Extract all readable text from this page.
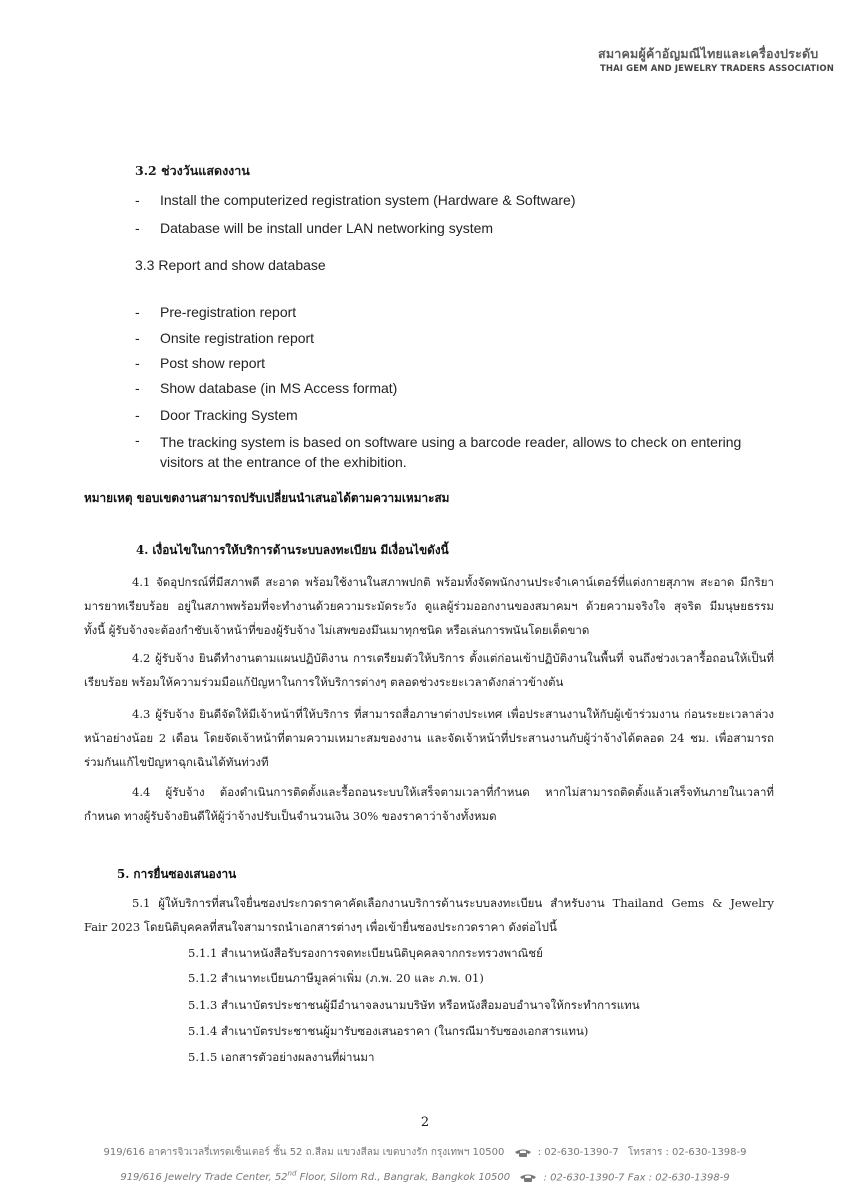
สมาคมผู้ค้าอัญมณีไทยและเครื่องประดับ
THAI GEM AND JEWELRY TRADERS ASSOCIATION
3.2 ช่วงวันแสดงงาน
- Install the computerized registration system (Hardware & Software)
- Database will be install under LAN networking system
3.3 Report and show database
- Pre-registration report
- Onsite registration report
- Post show report
- Show database (in MS Access format)
- Door Tracking System
- The tracking system is based on software using a barcode reader, allows to check on entering visitors at the entrance of the exhibition.
หมายเหตุ ขอบเขตงานสามารถปรับเปลี่ยนนำเสนอได้ตามความเหมาะสม
4. เงื่อนไขในการให้บริการด้านระบบลงทะเบียน มีเงื่อนไขดังนี้
4.1 จัดอุปกรณ์ที่มีสภาพดี สะอาด พร้อมใช้งานในสภาพปกติ พร้อมทั้งจัดพนักงานประจำเคาน์เตอร์ที่แต่งกายสุภาพ สะอาด มีกริยามารยาทเรียบร้อย อยู่ในสภาพพร้อมที่จะทำงานด้วยความระมัดระวัง ดูแลผู้ร่วมออกงานของสมาคมฯ ด้วยความจริงใจ สุจริต มีมนุษยธรรม ทั้งนี้ ผู้รับจ้างจะต้องกำชับเจ้าหน้าที่ของผู้รับจ้าง ไม่เสพของมึนเมาทุกชนิด หรือเล่นการพนันโดยเด็ดขาด
4.2 ผู้รับจ้าง ยินดีทำงานตามแผนปฏิบัติงาน การเตรียมตัวให้บริการ ตั้งแต่ก่อนเข้าปฏิบัติงานในพื้นที่ จนถึงช่วงเวลารื้อถอนให้เป็นที่เรียบร้อย พร้อมให้ความร่วมมือแก้ปัญหาในการให้บริการต่างๆ ตลอดช่วงระยะเวลาดังกล่าวข้างต้น
4.3 ผู้รับจ้าง ยินดีจัดให้มีเจ้าหน้าที่ให้บริการ ที่สามารถสื่อภาษาต่างประเทศ เพื่อประสานงานให้กับผู้เข้าร่วมงาน ก่อนระยะเวลาล่วงหน้าอย่างน้อย 2 เดือน โดยจัดเจ้าหน้าที่ตามความเหมาะสมของงาน และจัดเจ้าหน้าที่ประสานงานกับผู้ว่าจ้างได้ตลอด 24 ชม. เพื่อสามารถร่วมกันแก้ไขปัญหาฉุกเฉินได้ทันท่วงที
4.4 ผู้รับจ้าง ต้องดำเนินการติดตั้งและรื้อถอนระบบให้เสร็จตามเวลาที่กำหนด หากไม่สามารถติดตั้งแล้วเสร็จทันภายในเวลาที่กำหนด ทางผู้รับจ้างยินดีให้ผู้ว่าจ้างปรับเป็นจำนวนเงิน 30% ของราคาว่าจ้างทั้งหมด
5. การยื่นซองเสนองาน
5.1 ผู้ให้บริการที่สนใจยื่นซองประกวดราคาคัดเลือกงานบริการด้านระบบลงทะเบียน สำหรับงาน Thailand Gems & Jewelry Fair 2023 โดยนิติบุคคลที่สนใจสามารถนำเอกสารต่างๆ เพื่อเข้ายื่นซองประกวดราคา ดังต่อไปนี้
5.1.1 สำเนาหนังสือรับรองการจดทะเบียนนิติบุคคลจากกระทรวงพาณิชย์
5.1.2 สำเนาทะเบียนภาษีมูลค่าเพิ่ม (ภ.พ. 20 และ ภ.พ. 01)
5.1.3 สำเนาบัตรประชาชนผู้มีอำนาจลงนามบริษัท หรือหนังสือมอบอำนาจให้กระทำการแทน
5.1.4 สำเนาบัตรประชาชนผู้มารับซองเสนอราคา (ในกรณีมารับซองเอกสารแทน)
5.1.5 เอกสารตัวอย่างผลงานที่ผ่านมา
2
919/616 อาคารจิวเวลรี่เทรดเซ็นเตอร์ ชั้น 52 ถ.สีลม แขวงสีลม เขตบางรัก กรุงเทพฯ 10500	: 02-630-1390-7 โทรสาร : 02-630-1398-9
919/616 Jewelry Trade Center, 52nd Floor, Silom Rd., Bangrak, Bangkok 10500	: 02-630-1390-7 Fax : 02-630-1398-9
